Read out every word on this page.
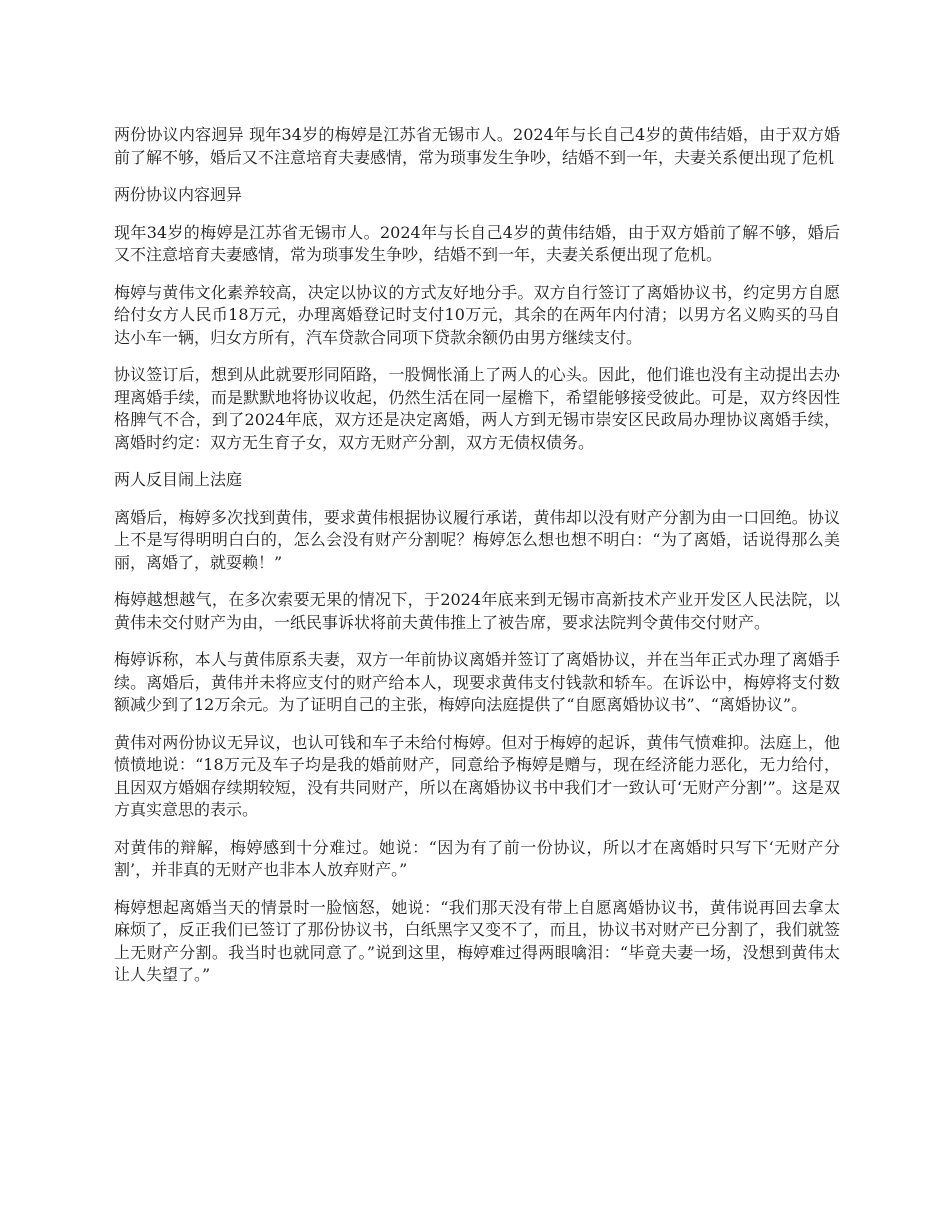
两份协议内容迥异 现年34岁的梅婷是江苏省无锡市人。2024年与长自己4岁的黄伟结婚，由于双方婚前了解不够，婚后又不注意培育夫妻感情，常为琐事发生争吵，结婚不到一年，夫妻关系便出现了危机

两份协议内容迥异

现年34岁的梅婷是江苏省无锡市人。2024年与长自己4岁的黄伟结婚，由于双方婚前了解不够，婚后又不注意培育夫妻感情，常为琐事发生争吵，结婚不到一年，夫妻关系便出现了危机。

梅婷与黄伟文化素养较高，决定以协议的方式友好地分手。双方自行签订了离婚协议书，约定男方自愿给付女方人民币18万元，办理离婚登记时支付10万元，其余的在两年内付清；以男方名义购买的马自达小车一辆，归女方所有，汽车贷款合同项下贷款余额仍由男方继续支付。

协议签订后，想到从此就要形同陌路，一股惆怅涌上了两人的心头。因此，他们谁也没有主动提出去办理离婚手续，而是默默地将协议收起，仍然生活在同一屋檐下，希望能够接受彼此。可是，双方终因性格脾气不合，到了2024年底，双方还是决定离婚，两人方到无锡市崇安区民政局办理协议离婚手续，离婚时约定：双方无生育子女，双方无财产分割，双方无债权债务。

两人反目闹上法庭

离婚后，梅婷多次找到黄伟，要求黄伟根据协议履行承诺，黄伟却以没有财产分割为由一口回绝。协议上不是写得明明白白的，怎么会没有财产分割呢？梅婷怎么想也想不明白：“为了离婚，话说得那么美丽，离婚了，就耍赖！”

梅婷越想越气，在多次索要无果的情况下，于2024年底来到无锡市高新技术产业开发区人民法院，以黄伟未交付财产为由，一纸民事诉状将前夫黄伟推上了被告席，要求法院判令黄伟交付财产。

梅婷诉称，本人与黄伟原系夫妻，双方一年前协议离婚并签订了离婚协议，并在当年正式办理了离婚手续。离婚后，黄伟并未将应支付的财产给本人，现要求黄伟支付钱款和轿车。在诉讼中，梅婷将支付数额减少到了12万余元。为了证明自己的主张，梅婷向法庭提供了“自愿离婚协议书”、“离婚协议”。

黄伟对两份协议无异议，也认可钱和车子未给付梅婷。但对于梅婷的起诉，黄伟气愤难抑。法庭上，他愤愤地说：“18万元及车子均是我的婚前财产，同意给予梅婷是赠与，现在经济能力恶化，无力给付，且因双方婚姻存续期较短，没有共同财产，所以在离婚协议书中我们才一致认可‘无财产分割’”。这是双方真实意思的表示。

对黄伟的辩解，梅婷感到十分难过。她说：“因为有了前一份协议，所以才在离婚时只写下‘无财产分割’，并非真的无财产也非本人放弃财产。”

梅婷想起离婚当天的情景时一脸恼怒，她说：“我们那天没有带上自愿离婚协议书，黄伟说再回去拿太麻烦了，反正我们已签订了那份协议书，白纸黑字又变不了，而且，协议书对财产已分割了，我们就签上无财产分割。我当时也就同意了。”说到这里，梅婷难过得两眼噙泪：“毕竟夫妻一场，没想到黄伟太让人失望了。”
